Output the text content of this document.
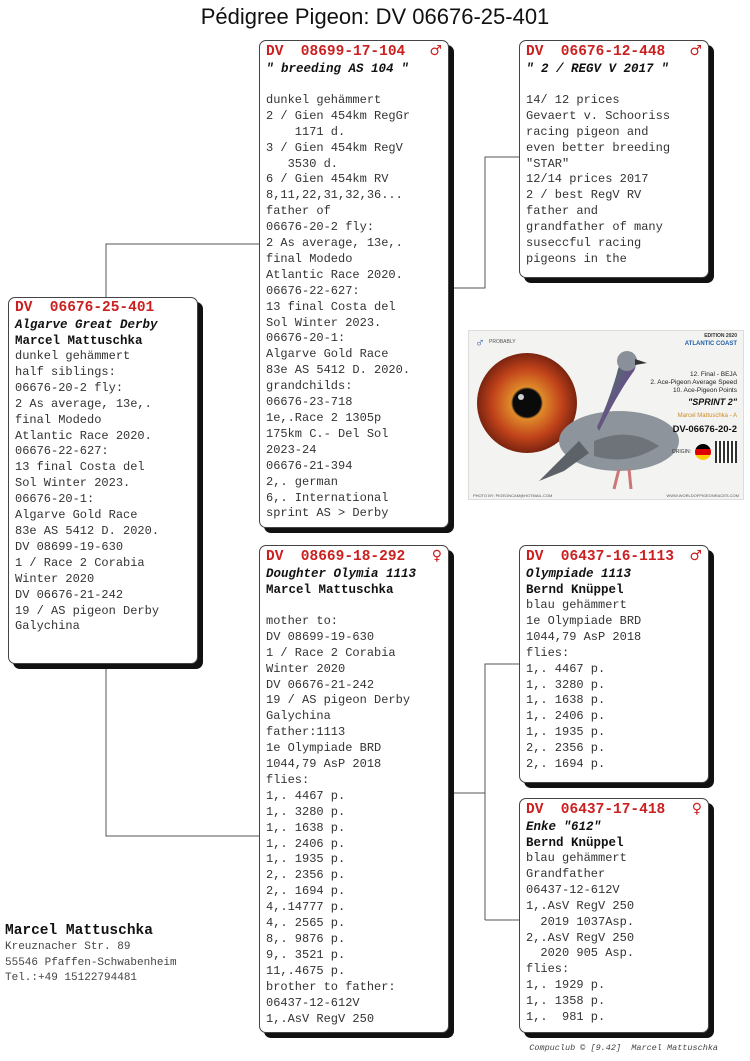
Pédigree Pigeon: DV 06676-25-401
DV  06676-25-401
Algarve Great Derby
Marcel Mattuschka
dunkel gehämmert
half siblings:
06676-20-2 fly:
2 As average, 13e,.
final Modedo
Atlantic Race 2020.
06676-22-627:
13 final Costa del
Sol Winter 2023.
06676-20-1:
Algarve Gold Race
83e AS 5412 D. 2020.
DV 08699-19-630
1 / Race 2 Corabia
Winter 2020
DV 06676-21-242
19 / AS pigeon Derby
Galychina
DV  08699-17-104 ♂
" breeding AS 104 "
dunkel gehämmert
2 / Gien 454km RegGr
1171 d.
3 / Gien 454km RegV
3530 d.
6 / Gien 454km RV
8,11,22,31,32,36...
father of
06676-20-2 fly:
2 As average, 13e,.
final Modedo
Atlantic Race 2020.
06676-22-627:
13 final Costa del
Sol Winter 2023.
06676-20-1:
Algarve Gold Race
83e AS 5412 D. 2020.
grandchilds:
06676-23-718
1e,.Race 2 1305p
175km C.- Del Sol
2023-24
06676-21-394
2,. german
6,. International
sprint AS > Derby
DV  08669-18-292 ♀
Doughter Olymia 1113
Marcel Mattuschka
mother to:
DV 08699-19-630
1 / Race 2 Corabia
Winter 2020
DV 06676-21-242
19 / AS pigeon Derby
Galychina
father:1113
1e Olympiade BRD
1044,79 AsP 2018
flies:
1,. 4467 p.
1,. 3280 p.
1,. 1638 p.
1,. 2406 p.
1,. 1935 p.
2,. 2356 p.
2,. 1694 p.
4,.14777 p.
4,. 2565 p.
8,. 9876 p.
9,. 3521 p.
11,.4675 p.
brother to father:
06437-12-612V
1,.AsV RegV 250
DV  06676-12-448 ♂
" 2 / REGV V 2017 "
14/ 12 prices
Gevaert v. Schooriss
racing pigeon and
even better breeding
"STAR"
12/14 prices 2017
2 / best RegV RV
father and
grandfather of many
suseccful racing
pigeons in the
♂ PROBABLY
EDITION 2020
ATLANTIC COAST
12. Final - BEJA
2. Ace-Pigeon Average Speed
10. Ace-Pigeon Points
"SPRINT 2"
Marcel Mattuschka - A
DV-06676-20-2
ORIGIN:
PHOTO BY: PIGEONCAM@HOTMAIL.COM	WWW.WORLDOFPIGEONRACES.COM
DV  06437-16-1113 ♂
Olympiade 1113
Bernd Knüppel
blau gehämmert
1e Olympiade BRD
1044,79 AsP 2018
flies:
1,. 4467 p.
1,. 3280 p.
1,. 1638 p.
1,. 2406 p.
1,. 1935 p.
2,. 2356 p.
2,. 1694 p.
DV  06437-17-418 ♀
Enke "612"
Bernd Knüppel
blau gehämmert
Grandfather
06437-12-612V
1,.AsV RegV 250
2019 1037Asp.
2,.AsV RegV 250
2020 905 Asp.
flies:
1,. 1929 p.
1,. 1358 p.
1,.  981 p.
Marcel Mattuschka
Kreuznacher Str. 89
55546 Pfaffen-Schwabenheim
Tel.:+49 15122794481
Compuclub © [9.42]  Marcel Mattuschka
